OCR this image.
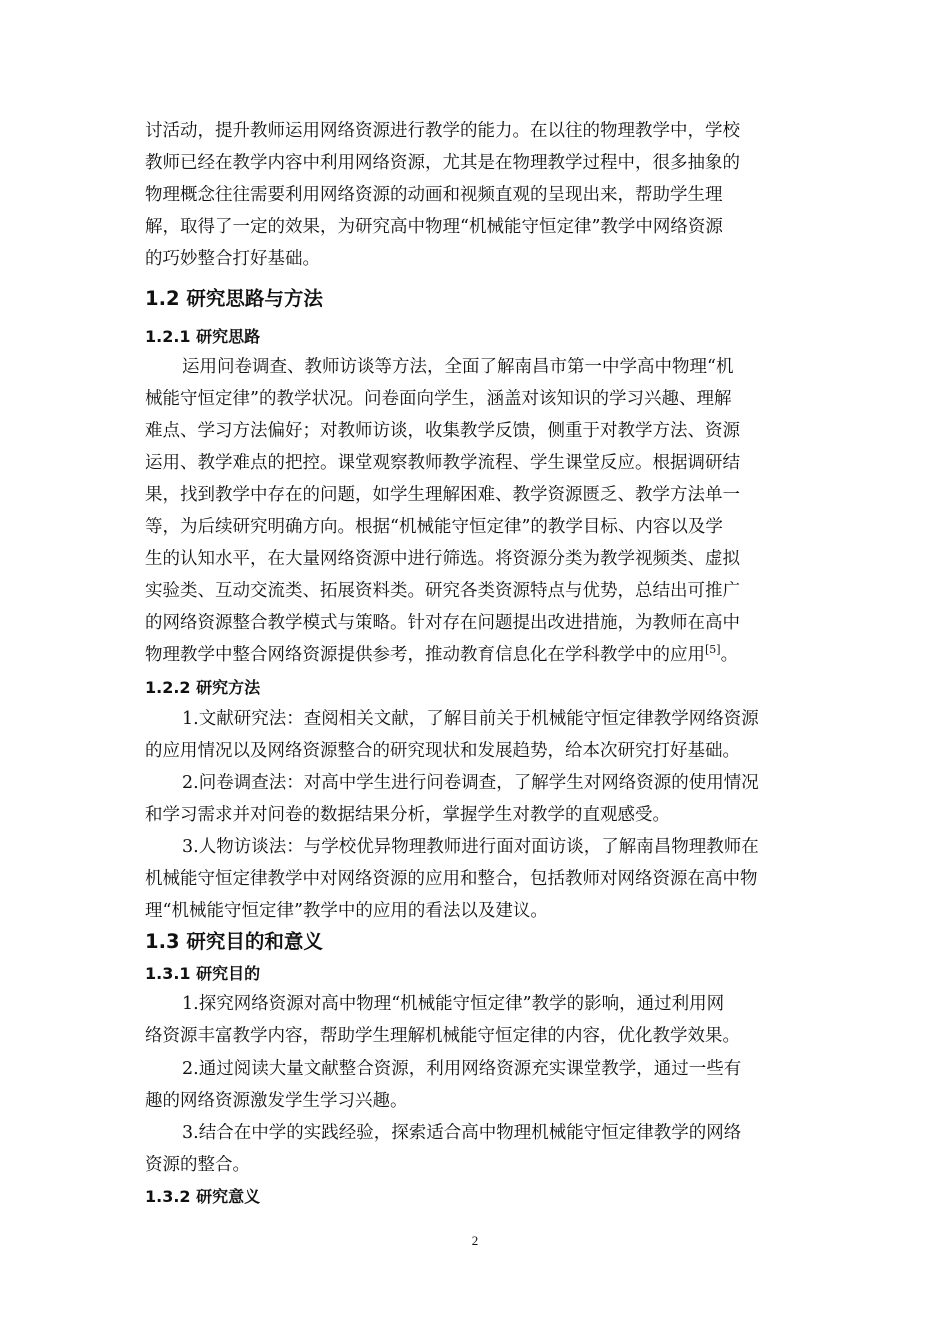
讨活动，提升教师运用网络资源进行教学的能力。在以往的物理教学中，学校
教师已经在教学内容中利用网络资源，尤其是在物理教学过程中，很多抽象的
物理概念往往需要利用网络资源的动画和视频直观的呈现出来，帮助学生理
解，取得了一定的效果，为研究高中物理“机械能守恒定律”教学中网络资源
的巧妙整合打好基础。
1.2 研究思路与方法
1.2.1 研究思路
运用问卷调查、教师访谈等方法，全面了解南昌市第一中学高中物理“机
械能守恒定律”的教学状况。问卷面向学生，涵盖对该知识的学习兴趣、理解
难点、学习方法偏好；对教师访谈，收集教学反馈，侧重于对教学方法、资源
运用、教学难点的把控。课堂观察教师教学流程、学生课堂反应。根据调研结
果，找到教学中存在的问题，如学生理解困难、教学资源匮乏、教学方法单一
等，为后续研究明确方向。根据“机械能守恒定律”的教学目标、内容以及学
生的认知水平，在大量网络资源中进行筛选。将资源分类为教学视频类、虚拟
实验类、互动交流类、拓展资料类。研究各类资源特点与优势，总结出可推广
的网络资源整合教学模式与策略。针对存在问题提出改进措施，为教师在高中
物理教学中整合网络资源提供参考，推动教育信息化在学科教学中的应用[5]。
1.2.2 研究方法
1.文献研究法：查阅相关文献，了解目前关于机械能守恒定律教学网络资源
的应用情况以及网络资源整合的研究现状和发展趋势，给本次研究打好基础。
2.问卷调查法：对高中学生进行问卷调查，了解学生对网络资源的使用情况
和学习需求并对问卷的数据结果分析，掌握学生对教学的直观感受。
3.人物访谈法：与学校优异物理教师进行面对面访谈，了解南昌物理教师在
机械能守恒定律教学中对网络资源的应用和整合，包括教师对网络资源在高中物
理“机械能守恒定律”教学中的应用的看法以及建议。
1.3 研究目的和意义
1.3.1 研究目的
1.探究网络资源对高中物理“机械能守恒定律”教学的影响，通过利用网
络资源丰富教学内容，帮助学生理解机械能守恒定律的内容，优化教学效果。
2.通过阅读大量文献整合资源，利用网络资源充实课堂教学，通过一些有
趣的网络资源激发学生学习兴趣。
3.结合在中学的实践经验，探索适合高中物理机械能守恒定律教学的网络
资源的整合。
1.3.2 研究意义
2
